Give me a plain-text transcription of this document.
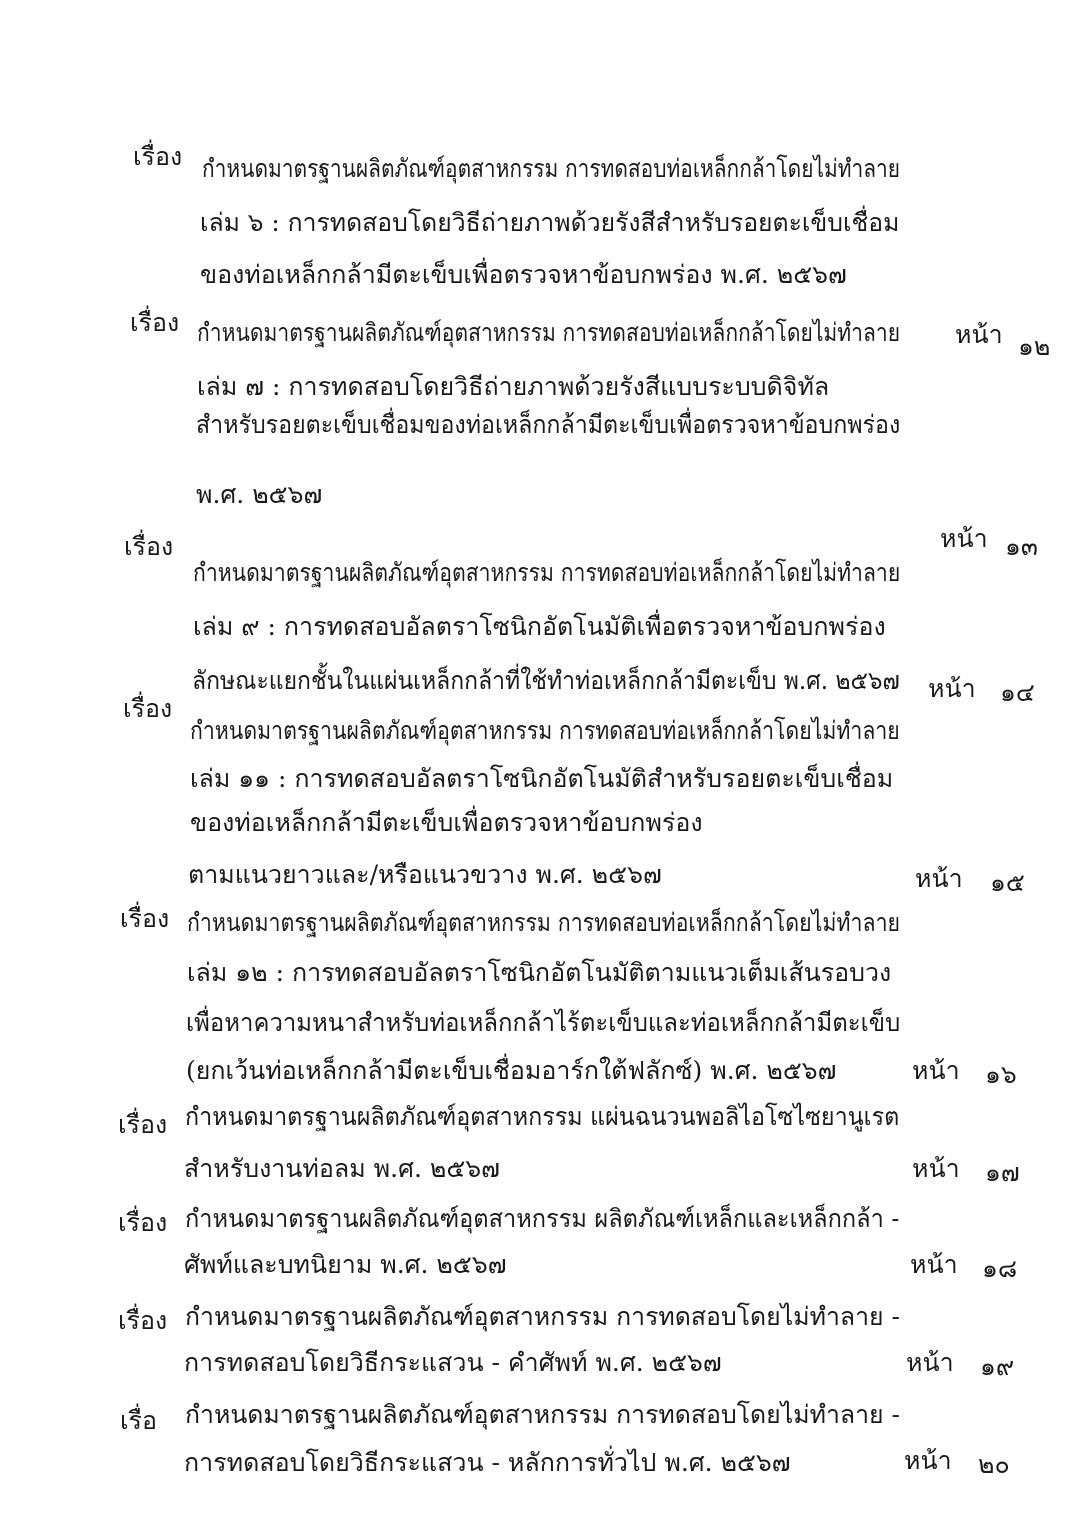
เรื่อง กำหนดมาตรฐานผลิตภัณฑ์อุตสาหกรรม การทดสอบท่อเหล็กกล้าโดยไม่ทำลาย
เล่ม ๖ : การทดสอบโดยวิธีถ่ายภาพด้วยรังสีสำหรับรอยตะเข็บเชื่อม
ของท่อเหล็กกล้ามีตะเข็บเพื่อตรวจหาข้อบกพร่อง พ.ศ. ๒๕๖๗
หน้า ๑๒
เรื่อง กำหนดมาตรฐานผลิตภัณฑ์อุตสาหกรรม การทดสอบท่อเหล็กกล้าโดยไม่ทำลาย
เล่ม ๗ : การทดสอบโดยวิธีถ่ายภาพด้วยรังสีแบบระบบดิจิทัล
สำหรับรอยตะเข็บเชื่อมของท่อเหล็กกล้ามีตะเข็บเพื่อตรวจหาข้อบกพร่อง
พ.ศ. ๒๕๖๗
หน้า ๑๓
เรื่อง
กำหนดมาตรฐานผลิตภัณฑ์อุตสาหกรรม การทดสอบท่อเหล็กกล้าโดยไม่ทำลาย
เล่ม ๙ : การทดสอบอัลตราโซนิกอัตโนมัติเพื่อตรวจหาข้อบกพร่อง
ลักษณะแยกชั้นในแผ่นเหล็กกล้าที่ใช้ทำท่อเหล็กกล้ามีตะเข็บ พ.ศ. ๒๕๖๗ หน้า ๑๔
เรื่อง
กำหนดมาตรฐานผลิตภัณฑ์อุตสาหกรรม การทดสอบท่อเหล็กกล้าโดยไม่ทำลาย
เล่ม ๑๑ : การทดสอบอัลตราโซนิกอัตโนมัติสำหรับรอยตะเข็บเชื่อม
ของท่อเหล็กกล้ามีตะเข็บเพื่อตรวจหาข้อบกพร่อง
ตามแนวยาวและ/หรือแนวขวาง พ.ศ. ๒๕๖๗	หน้า ๑๕
เรื่อง กำหนดมาตรฐานผลิตภัณฑ์อุตสาหกรรม การทดสอบท่อเหล็กกล้าโดยไม่ทำลาย
เล่ม ๑๒ : การทดสอบอัลตราโซนิกอัตโนมัติตามแนวเต็มเส้นรอบวง
เพื่อหาความหนาสำหรับท่อเหล็กกล้าไร้ตะเข็บและท่อเหล็กกล้ามีตะเข็บ
(ยกเว้นท่อเหล็กกล้ามีตะเข็บเชื่อมอาร์กใต้ฟลักซ์) พ.ศ. ๒๕๖๗	หน้า ๑๖
เรื่อง กำหนดมาตรฐานผลิตภัณฑ์อุตสาหกรรม แผ่นฉนวนพอลิไอโซไซยานูเรต
สำหรับงานท่อลม พ.ศ. ๒๕๖๗	หน้า ๑๗
เรื่อง กำหนดมาตรฐานผลิตภัณฑ์อุตสาหกรรม ผลิตภัณฑ์เหล็กและเหล็กกล้า -
ศัพท์และบทนิยาม พ.ศ. ๒๕๖๗	หน้า ๑๘
เรื่อง กำหนดมาตรฐานผลิตภัณฑ์อุตสาหกรรม การทดสอบโดยไม่ทำลาย -
การทดสอบโดยวิธีกระแสวน - คำศัพท์ พ.ศ. ๒๕๖๗	หน้า ๑๙
เรื่อ กำหนดมาตรฐานผลิตภัณฑ์อุตสาหกรรม การทดสอบโดยไม่ทำลาย -
การทดสอบโดยวิธีกระแสวน - หลักการทั่วไป พ.ศ. ๒๕๖๗	หน้า ๒๐
